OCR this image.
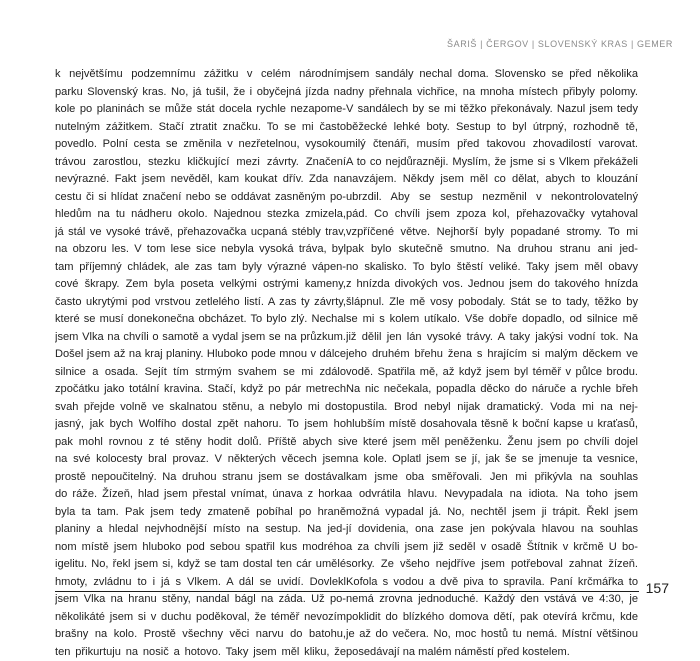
ŠARIŠ | ČERGOV | SLOVENSKÝ KRAS | GEMER
k největšímu podzemnímu zážitku v celém národním
parku Slovenský kras. No, já tušil, že i obyčejná jízda na
kole po planinách se může stát docela rychle nezapome-
nutelným zážitkem. Stačí ztratit značku. To se mi často
povedlo. Polní cesta se změnila v nezřetelnou, vysokou
trávou zarostlou, stezku kličkující mezi závrty. Značení
nevýrazné. Fakt jsem nevěděl, kam koukat dřív. Zda na
cestu či si hlídat značení nebo se oddávat zasněným po-
hledům na tu nádheru okolo. Najednou stezka zmizela,
já stál ve vysoké trávě, přehazovačka ucpaná stébly trav,
na obzoru les. V tom lese sice nebyla vysoká tráva, byl
tam příjemný chládek, ale zas tam byly výrazné vápen-
cové škrapy. Zem byla poseta velkými ostrými kameny,
často ukrytými pod vrstvou zetlelého listí. A zas ty závrty,
které se musí donekonečna obcházet. To bylo zlý. Nechal
jsem Vlka na chvíli o samotě a vydal jsem se na průzkum.
Došel jsem až na kraj planiny. Hluboko pode mnou v dálce
silnice a osada. Sejít tím strmým svahem se mi zdálo
zpočátku jako totální kravina. Stačí, když po pár metrech
svah přejde volně ve skalnatou stěnu, a nebylo mi dost
jasný, jak bych Wolfího dostal zpět nahoru. To jsem ho
pak mohl rovnou z té stěny hodit dolů. Příště abych si
na své kolocesty bral provaz. V některých věcech jsem
prostě nepoučitelný. Na druhou stranu jsem se dostával
do ráže. Žízeň, hlad jsem přestal vnímat, únava z horka
byla ta tam. Pak jsem tedy zmateně pobíhal po hraně
planiny a hledal nejvhodnější místo na sestup. Na jed-
nom místě jsem hluboko pod sebou spatřil kus modrého
igelitu. No, řekl jsem si, když se tam dostal ten cár umělé
hmoty, zvládnu to i já s Vlkem. A dál se uvidí. Dovlekl
jsem Vlka na hranu stěny, nandal bágl na záda. Už po-
několikáté jsem si v duchu poděkoval, že téměř nevozím
brašny na kolo. Prostě všechny věci narvu do batohu,
ten přikurtuju na nosič a hotovo. Taky jsem měl kliku, že
jsem sandály nechal doma. Slovensko se před několika
dny přehnala vichřice, na mnoha místech přibyly polomy.
V sandálech by se mi těžko překonávaly. Nazul jsem tedy
běžecké lehké boty. Sestup to byl útrpný, rozhodně tě,
milý čtenáři, musím před takovou zhovadilostí varovat.
A to co nejdůrazněji. Myslím, že jsme si s Vlkem překáželi
navzájem. Někdy jsem měl co dělat, abych to klouzání
ubrzdil. Aby se sestup nezměnil v nekontrolovatelný
pád. Co chvíli jsem zpoza kol, přehazovačky vytahoval
vzpříčené větve. Nejhorší byly popadané stromy. To mi
pak bylo skutečně smutno. Na druhou stranu ani jed-
no skalisko. To bylo štěstí veliké. Taky jsem měl obavy
z hnízda divokých vos. Jednou jsem do takového hnízda
šlápnul. Zle mě vosy pobodaly. Stát se to tady, těžko by
se mi s kolem utíkalo. Vše dobře dopadlo, od silnice mě
již dělil jen lán vysoké trávy. A taky jakýsi vodní tok. Na
jeho druhém břehu žena s hrajícím si malým děckem ve
vodě. Spatřila mě, až když jsem byl téměř v půlce brodu.
Na nic nečekala, popadla děcko do náruče a rychle břeh
opustila. Brod nebyl nijak dramatický. Voda mi na nej-
hlubším místě dosahovala těsně k boční kapse u kraťasů,
ve které jsem měl peněženku. Ženu jsem po chvíli dojel
na kole. Oplatl jsem se jí, jak še se jmenuje ta vesnice,
kam jsme oba směřovali. Jen mi přikývla na souhlas
a odvrátila hlavu. Nevypadala na idiota. Na toho jsem
možná vypadal já. No, nechtěl jsem ji trápit. Řekl jsem
jí dovidenia, ona zase jen pokývala hlavou na souhlas
a za chvíli jsem již seděl v osadě Štítnik v krčmě U bo-
sorky. Ze všeho nejdříve jsem potřeboval zahnat žízeň.
Kofola s vodou a dvě piva to spravila. Paní krčmářka to
nemá zrovna jednoduché. Každý den vstává ve 4:30, je
poklidit do blízkého domova dětí, pak otevírá krčmu, kde
je až do večera. No, moc hostů tu nemá. Místní většinou
posedávají na malém náměstí před kostelem.
157
